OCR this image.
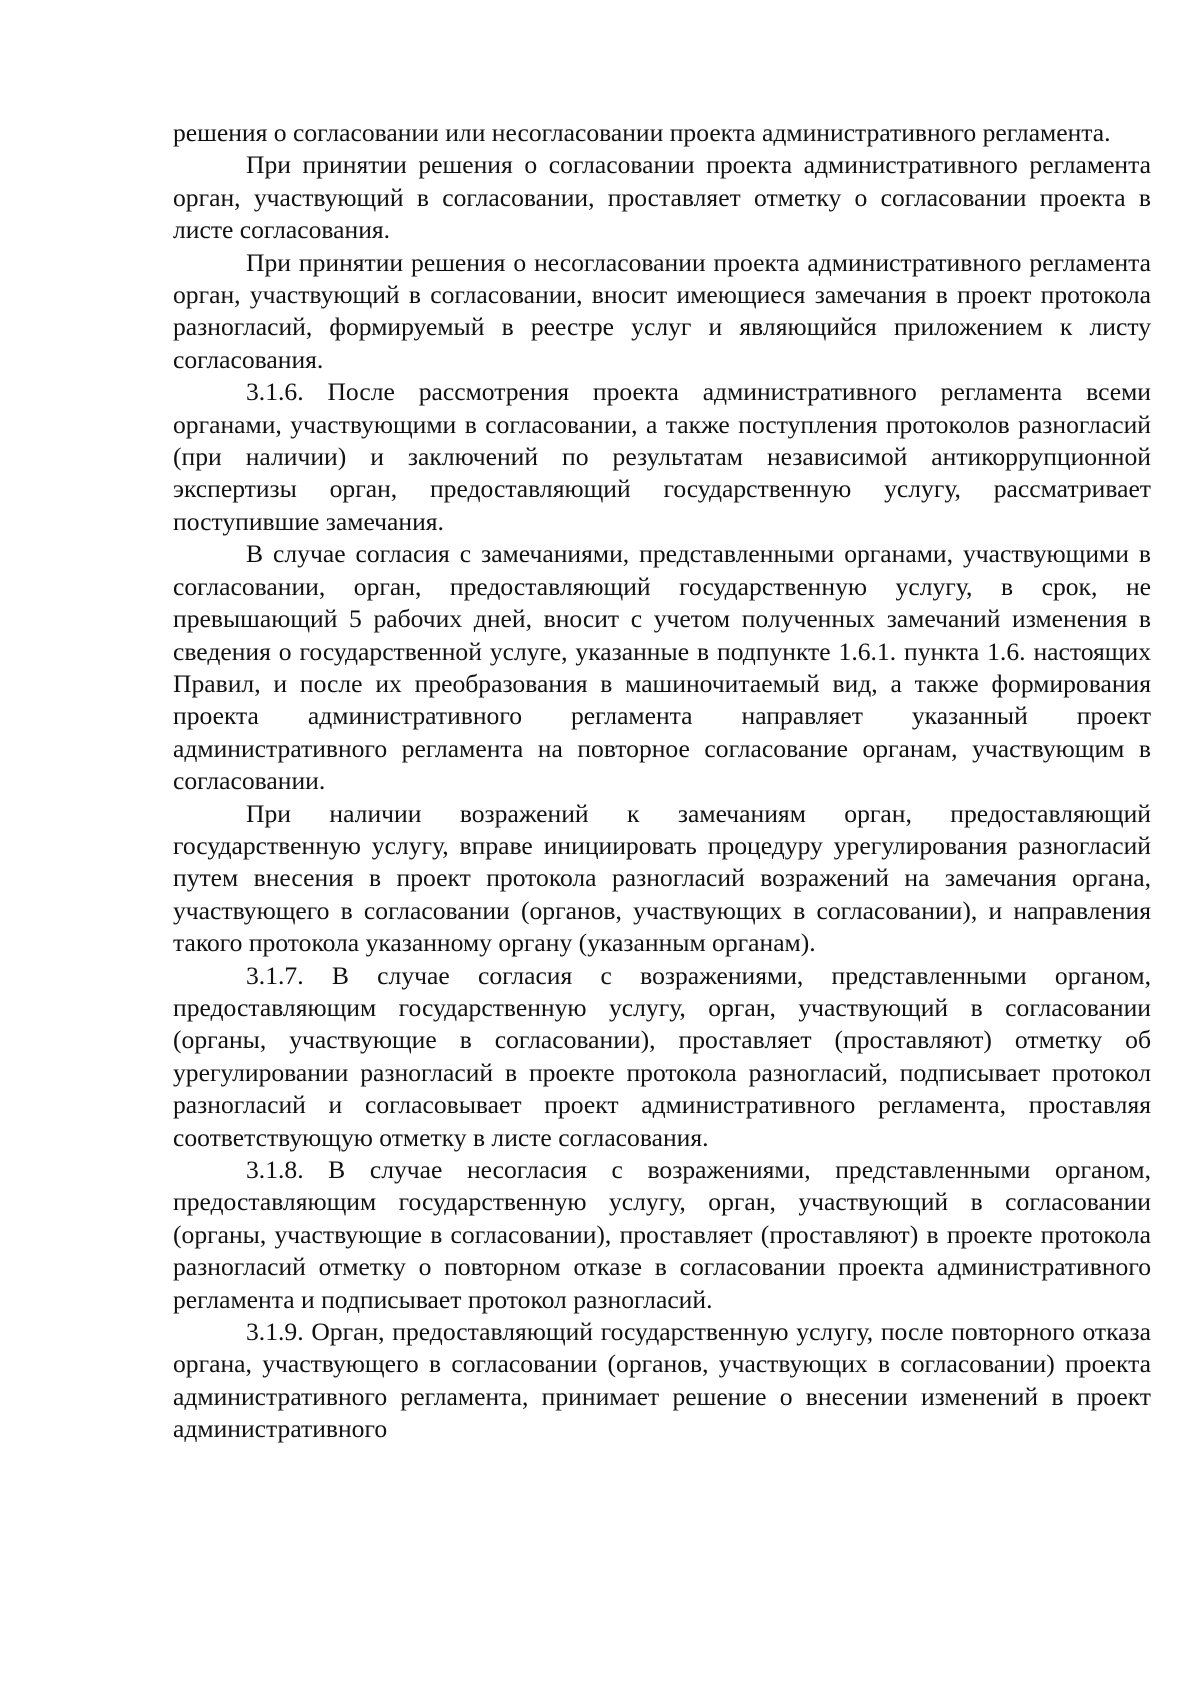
решения о согласовании или несогласовании проекта административного регламента.

При принятии решения о согласовании проекта административного регламента орган, участвующий в согласовании, проставляет отметку о согласовании проекта в листе согласования.

При принятии решения о несогласовании проекта административного регламента орган, участвующий в согласовании, вносит имеющиеся замечания в проект протокола разногласий, формируемый в реестре услуг и являющийся приложением к листу согласования.

3.1.6. После рассмотрения проекта административного регламента всеми органами, участвующими в согласовании, а также поступления протоколов разногласий (при наличии) и заключений по результатам независимой антикоррупционной экспертизы орган, предоставляющий государственную услугу, рассматривает поступившие замечания.

В случае согласия с замечаниями, представленными органами, участвующими в согласовании, орган, предоставляющий государственную услугу, в срок, не превышающий 5 рабочих дней, вносит с учетом полученных замечаний изменения в сведения о государственной услуге, указанные в подпункте 1.6.1. пункта 1.6. настоящих Правил, и после их преобразования в машиночитаемый вид, а также формирования проекта административного регламента направляет указанный проект административного регламента на повторное согласование органам, участвующим в согласовании.

При наличии возражений к замечаниям орган, предоставляющий государственную услугу, вправе инициировать процедуру урегулирования разногласий путем внесения в проект протокола разногласий возражений на замечания органа, участвующего в согласовании (органов, участвующих в согласовании), и направления такого протокола указанному органу (указанным органам).

3.1.7. В случае согласия с возражениями, представленными органом, предоставляющим государственную услугу, орган, участвующий в согласовании (органы, участвующие в согласовании), проставляет (проставляют) отметку об урегулировании разногласий в проекте протокола разногласий, подписывает протокол разногласий и согласовывает проект административного регламента, проставляя соответствующую отметку в листе согласования.

3.1.8. В случае несогласия с возражениями, представленными органом, предоставляющим государственную услугу, орган, участвующий в согласовании (органы, участвующие в согласовании), проставляет (проставляют) в проекте протокола разногласий отметку о повторном отказе в согласовании проекта административного регламента и подписывает протокол разногласий.

3.1.9. Орган, предоставляющий государственную услугу, после повторного отказа органа, участвующего в согласовании (органов, участвующих в согласовании) проекта административного регламента, принимает решение о внесении изменений в проект административного
